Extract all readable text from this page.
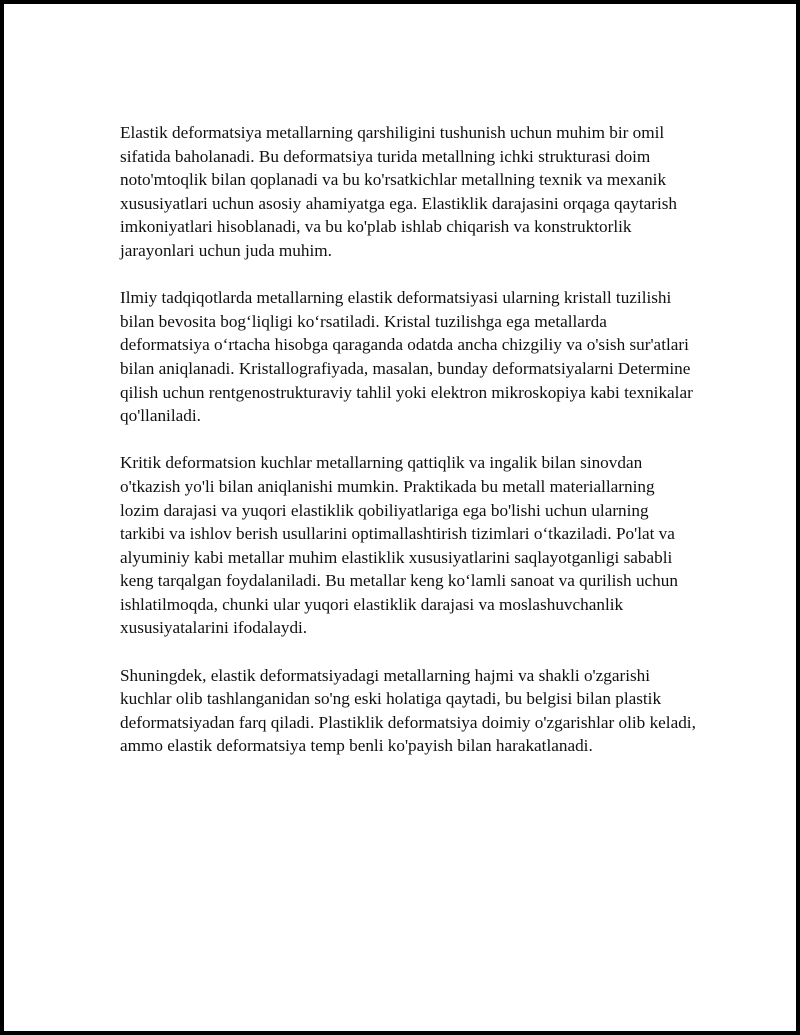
Elastik deformatsiya metallarning qarshiligini tushunish uchun muhim bir omil sifatida baholanadi. Bu deformatsiya turida metallning ichki strukturasi doim noto'mtoqlik bilan qoplanadi va bu ko'rsatkichlar metallning texnik va mexanik xususiyatlari uchun asosiy ahamiyatga ega. Elastiklik darajasini orqaga qaytarish imkoniyatlari hisoblanadi, va bu ko'plab ishlab chiqarish va konstruktorlik jarayonlari uchun juda muhim.

Ilmiy tadqiqotlarda metallarning elastik deformatsiyasi ularning kristall tuzilishi bilan bevosita bog‘liqligi ko‘rsatiladi. Kristal tuzilishga ega metallarda deformatsiya o‘rtacha hisobga qaraganda odatda ancha chizgiliy va o'sish sur'atlari bilan aniqlanadi. Kristallografiyada, masalan, bunday deformatsiyalarni Determine qilish uchun rentgenostrukturaviy tahlil yoki elektron mikroskopiya kabi texnikalar qo'llaniladi.

Kritik deformatsion kuchlar metallarning qattiqlik va ingalik bilan sinovdan o'tkazish yo'li bilan aniqlanishi mumkin. Praktikada bu metall materiallarning lozim darajasi va yuqori elastiklik qobiliyatlariga ega bo'lishi uchun ularning tarkibi va ishlov berish usullarini optimallashtirish tizimlari o‘tkaziladi. Po'lat va alyuminiy kabi metallar muhim elastiklik xususiyatlarini saqlayotganligi sababli keng tarqalgan foydalaniladi. Bu metallar keng ko‘lamli sanoat va qurilish uchun ishlatilmoqda, chunki ular yuqori elastiklik darajasi va moslashuvchanlik xususiyatalarini ifodalaydi.

Shuningdek, elastik deformatsiyadagi metallarning hajmi va shakli o'zgarishi kuchlar olib tashlanganidan so'ng eski holatiga qaytadi, bu belgisi bilan plastik deformatsiyadan farq qiladi. Plastiklik deformatsiya doimiy o'zgarishlar olib keladi, ammo elastik deformatsiya temp benli ko'payish bilan harakatlanadi.
